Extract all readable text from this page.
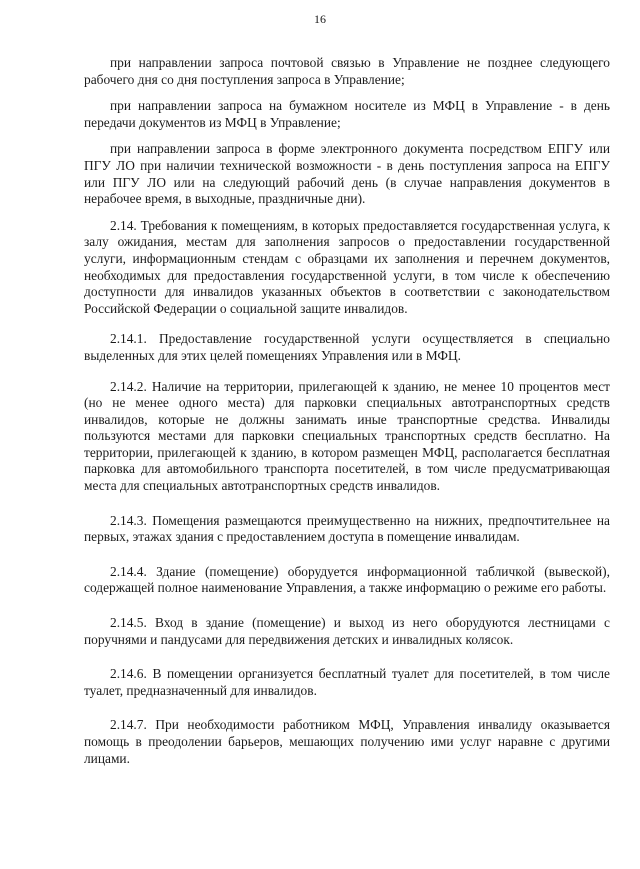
16

при направлении запроса почтовой связью в Управление не позднее следующего рабочего дня со дня поступления запроса в Управление;

при направлении запроса на бумажном носителе из МФЦ в Управление - в день передачи документов из МФЦ в Управление;

при направлении запроса в форме электронного документа посредством ЕПГУ или ПГУ ЛО при наличии технической возможности - в день поступления запроса на ЕПГУ или ПГУ ЛО или на следующий рабочий день (в случае направления документов в нерабочее время, в выходные, праздничные дни).

2.14. Требования к помещениям, в которых предоставляется государственная услуга, к залу ожидания, местам для заполнения запросов о предоставлении государственной услуги, информационным стендам с образцами их заполнения и перечнем документов, необходимых для предоставления государственной услуги, в том числе к обеспечению доступности для инвалидов указанных объектов в соответствии с законодательством Российской Федерации о социальной защите инвалидов.

2.14.1. Предоставление государственной услуги осуществляется в специально выделенных для этих целей помещениях Управления или в МФЦ.

2.14.2. Наличие на территории, прилегающей к зданию, не менее 10 процентов мест (но не менее одного места) для парковки специальных автотранспортных средств инвалидов, которые не должны занимать иные транспортные средства. Инвалиды пользуются местами для парковки специальных транспортных средств бесплатно. На территории, прилегающей к зданию, в котором размещен МФЦ, располагается бесплатная парковка для автомобильного транспорта посетителей, в том числе предусматривающая места для специальных автотранспортных средств инвалидов.

2.14.3. Помещения размещаются преимущественно на нижних, предпочтительнее на первых, этажах здания с предоставлением доступа в помещение инвалидам.

2.14.4. Здание (помещение) оборудуется информационной табличкой (вывеской), содержащей полное наименование Управления, а также информацию о режиме его работы.

2.14.5. Вход в здание (помещение) и выход из него оборудуются лестницами с поручнями и пандусами для передвижения детских и инвалидных колясок.

2.14.6. В помещении организуется бесплатный туалет для посетителей, в том числе туалет, предназначенный для инвалидов.

2.14.7. При необходимости работником МФЦ, Управления инвалиду оказывается помощь в преодолении барьеров, мешающих получению ими услуг наравне с другими лицами.
